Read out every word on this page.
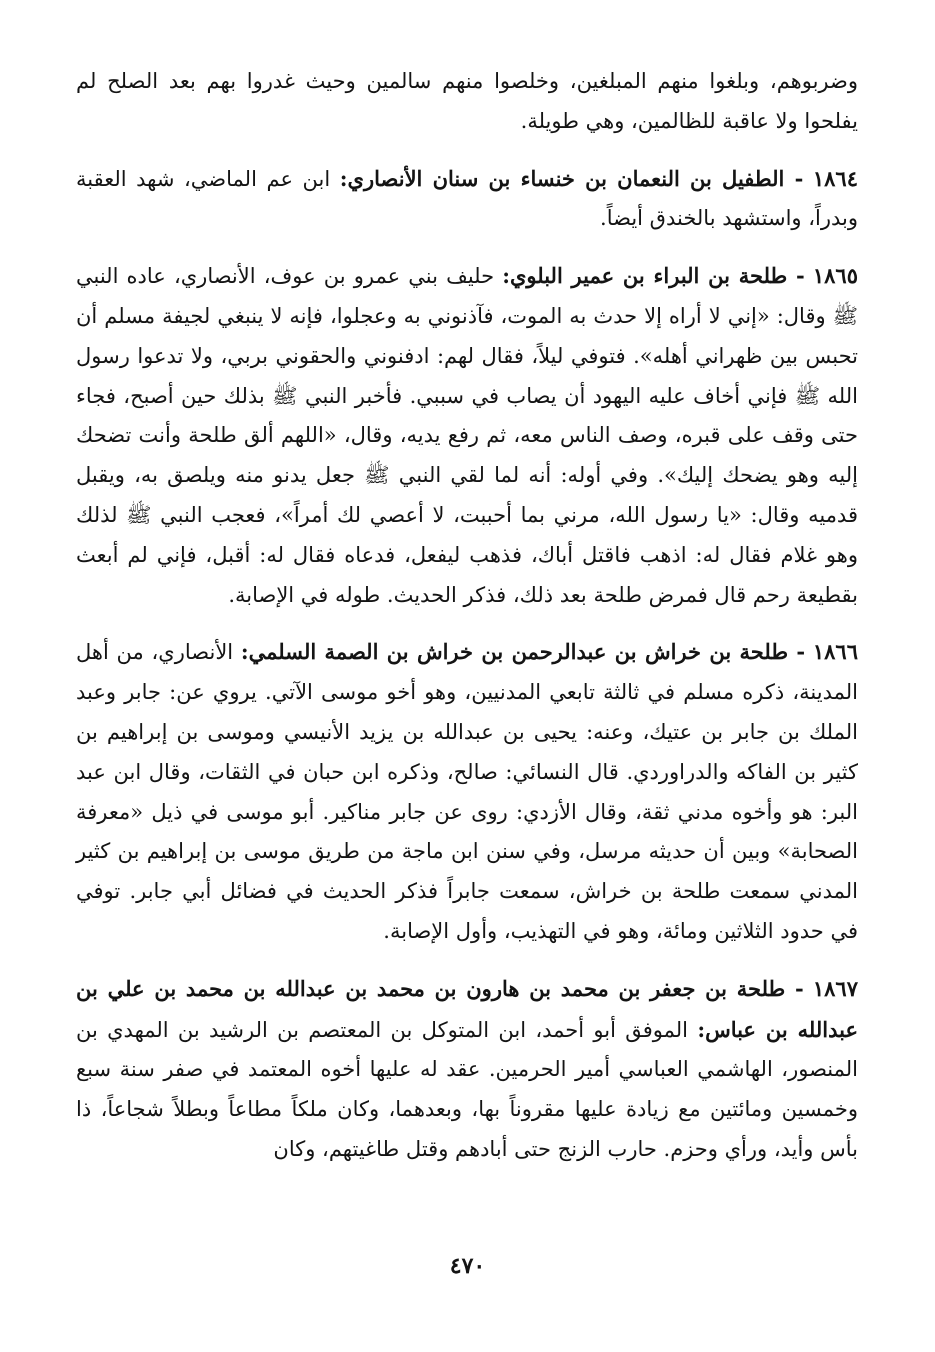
وضربوهم، وبلغوا منهم المبلغين، وخلصوا منهم سالمين وحيث غدروا بهم بعد الصلح لم يفلحوا ولا عاقبة للظالمين، وهي طويلة.

١٨٦٤ - الطفيل بن النعمان بن خنساء بن سنان الأنصاري: ابن عم الماضي، شهد العقبة وبدراً، واستشهد بالخندق أيضاً.

١٨٦٥ - طلحة بن البراء بن عمير البلوي: حليف بني عمرو بن عوف، الأنصاري، عاده النبي ﷺ وقال: «إني لا أراه إلا حدث به الموت، فآذنوني به وعجلوا، فإنه لا ينبغي لجيفة مسلم أن تحبس بين ظهراني أهله». فتوفي ليلاً، فقال لهم: ادفنوني والحقوني بربي، ولا تدعوا رسول الله ﷺ فإني أخاف عليه اليهود أن يصاب في سببي. فأخبر النبي ﷺ بذلك حين أصبح، فجاء حتى وقف على قبره، وصف الناس معه، ثم رفع يديه، وقال، «اللهم ألق طلحة وأنت تضحك إليه وهو يضحك إليك». وفي أوله: أنه لما لقي النبي ﷺ جعل يدنو منه ويلصق به، ويقبل قدميه وقال: «يا رسول الله، مرني بما أحببت، لا أعصي لك أمراً»، فعجب النبي ﷺ لذلك وهو غلام فقال له: اذهب فاقتل أباك، فذهب ليفعل، فدعاه فقال له: أقبل، فإني لم أبعث بقطيعة رحم قال فمرض طلحة بعد ذلك، فذكر الحديث. طوله في الإصابة.

١٨٦٦ - طلحة بن خراش بن عبدالرحمن بن خراش بن الصمة السلمي: الأنصاري، من أهل المدينة، ذكره مسلم في ثالثة تابعي المدنيين، وهو أخو موسى الآتي. يروي عن: جابر وعبد الملك بن جابر بن عتيك، وعنه: يحيى بن عبدالله بن يزيد الأنيسي وموسى بن إبراهيم بن كثير بن الفاكه والدراوردي. قال النسائي: صالح، وذكره ابن حبان في الثقات، وقال ابن عبد البر: هو وأخوه مدني ثقة، وقال الأزدي: روى عن جابر مناكير. أبو موسى في ذيل «معرفة الصحابة» وبين أن حديثه مرسل، وفي سنن ابن ماجة من طريق موسى بن إبراهيم بن كثير المدني سمعت طلحة بن خراش، سمعت جابراً فذكر الحديث في فضائل أبي جابر. توفي في حدود الثلاثين ومائة، وهو في التهذيب، وأول الإصابة.

١٨٦٧ - طلحة بن جعفر بن محمد بن هارون بن محمد بن عبدالله بن محمد بن علي بن عبدالله بن عباس: الموفق أبو أحمد، ابن المتوكل بن المعتصم بن الرشيد بن المهدي بن المنصور، الهاشمي العباسي أمير الحرمين. عقد له عليها أخوه المعتمد في صفر سنة سبع وخمسين ومائتين مع زيادة عليها مقروناً بها، وبعدهما، وكان ملكاً مطاعاً وبطلاً شجاعاً، ذا بأس وأيد، ورأي وحزم. حارب الزنج حتى أبادهم وقتل طاغيتهم، وكان

٤٧٠
